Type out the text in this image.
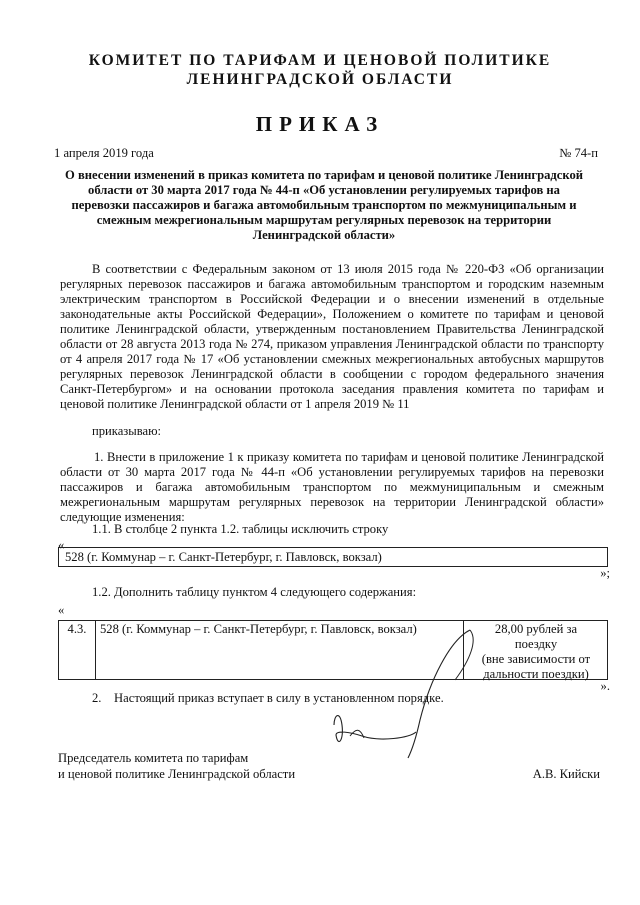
КОМИТЕТ ПО ТАРИФАМ И ЦЕНОВОЙ ПОЛИТИКЕ
ЛЕНИНГРАДСКОЙ ОБЛАСТИ
ПРИКАЗ
1 апреля 2019 года	№ 74-п
О внесении изменений в приказ комитета по тарифам и ценовой политике Ленинградской области от 30 марта 2017 года № 44-п «Об установлении регулируемых тарифов на перевозки пассажиров и багажа автомобильным транспортом по межмуниципальным и смежным межрегиональным маршрутам регулярных перевозок на территории Ленинградской области»
В соответствии с Федеральным законом от 13 июля 2015 года № 220-ФЗ «Об организации регулярных перевозок пассажиров и багажа автомобильным транспортом и городским наземным электрическим транспортом в Российской Федерации и о внесении изменений в отдельные законодательные акты Российской Федерации», Положением о комитете по тарифам и ценовой политике Ленинградской области, утвержденным постановлением Правительства Ленинградской области от 28 августа 2013 года № 274, приказом управления Ленинградской области по транспорту от 4 апреля 2017 года № 17 «Об установлении смежных межрегиональных автобусных маршрутов регулярных перевозок Ленинградской области в сообщении с городом федерального значения Санкт-Петербургом» и на основании протокола заседания правления комитета по тарифам и ценовой политике Ленинградской области от 1 апреля 2019 № 11
приказываю:
1. Внести в приложение 1 к приказу комитета по тарифам и ценовой политике Ленинградской области от 30 марта 2017 года № 44-п «Об установлении регулируемых тарифов на перевозки пассажиров и багажа автомобильным транспортом по межмуниципальным и смежным межрегиональным маршрутам регулярных перевозок на территории Ленинградской области» следующие изменения:
1.1. В столбце 2 пункта 1.2. таблицы исключить строку
«
528 (г. Коммунар – г. Санкт-Петербург, г. Павловск, вокзал)
»;
1.2. Дополнить таблицу пунктом 4 следующего содержания:
«
4.3.	528 (г. Коммунар – г. Санкт-Петербург, г. Павловск, вокзал)	28,00 рублей за
поездку
(вне зависимости от
дальности поездки)
».
2.    Настоящий приказ вступает в силу в установленном порядке.
Председатель комитета по тарифам
и ценовой политике Ленинградской области	А.В. Кийски
